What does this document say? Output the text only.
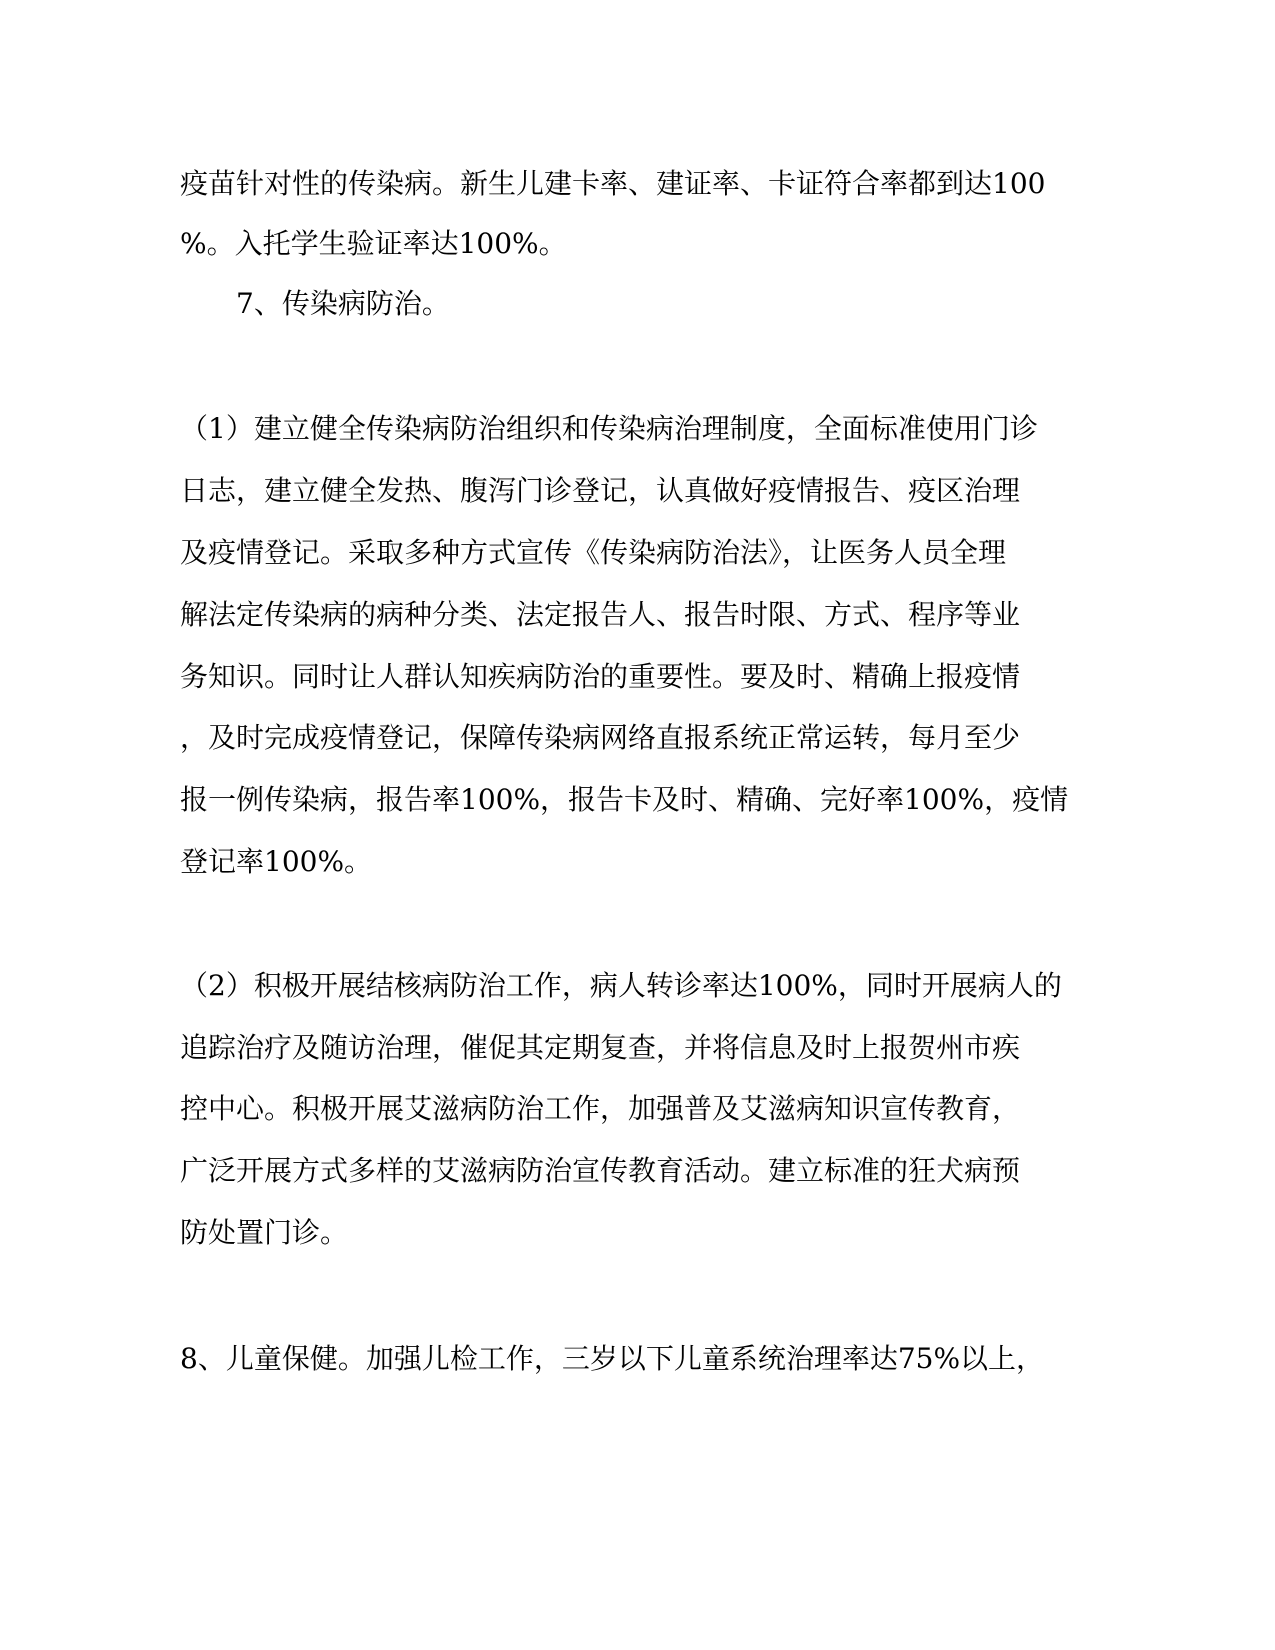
疫苗针对性的传染病。新生儿建卡率、建证率、卡证符合率都到达100
%。入托学生验证率达100%。
7、传染病防治。
（1）建立健全传染病防治组织和传染病治理制度，全面标准使用门诊
日志，建立健全发热、腹泻门诊登记，认真做好疫情报告、疫区治理
及疫情登记。采取多种方式宣传《传染病防治法》，让医务人员全理
解法定传染病的病种分类、法定报告人、报告时限、方式、程序等业
务知识。同时让人群认知疾病防治的重要性。要及时、精确上报疫情
，及时完成疫情登记，保障传染病网络直报系统正常运转，每月至少
报一例传染病，报告率100%，报告卡及时、精确、完好率100%，疫情
登记率100%。
（2）积极开展结核病防治工作，病人转诊率达100%，同时开展病人的
追踪治疗及随访治理，催促其定期复查，并将信息及时上报贺州市疾
控中心。积极开展艾滋病防治工作，加强普及艾滋病知识宣传教育，
广泛开展方式多样的艾滋病防治宣传教育活动。建立标准的狂犬病预
防处置门诊。
8、儿童保健。加强儿检工作，三岁以下儿童系统治理率达75%以上，
